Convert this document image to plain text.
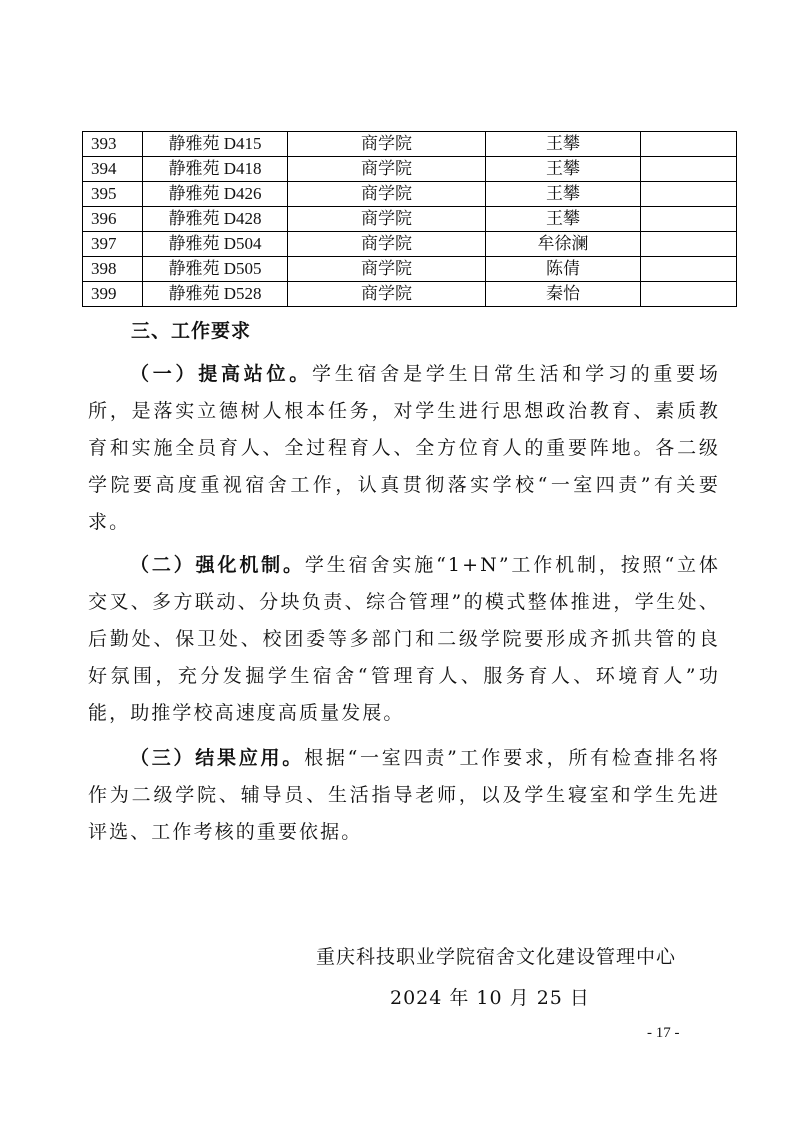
393	静雅苑 D415	商学院	王攀	
394	静雅苑 D418	商学院	王攀	
395	静雅苑 D426	商学院	王攀	
396	静雅苑 D428	商学院	王攀	
397	静雅苑 D504	商学院	牟徐澜	
398	静雅苑 D505	商学院	陈倩	
399	静雅苑 D528	商学院	秦怡	
三、工作要求

（一）提高站位。学生宿舍是学生日常生活和学习的重要场所，是落实立德树人根本任务，对学生进行思想政治教育、素质教育和实施全员育人、全过程育人、全方位育人的重要阵地。各二级学院要高度重视宿舍工作，认真贯彻落实学校“一室四责”有关要求。

（二）强化机制。学生宿舍实施“1+N”工作机制，按照“立体交叉、多方联动、分块负责、综合管理”的模式整体推进，学生处、后勤处、保卫处、校团委等多部门和二级学院要形成齐抓共管的良好氛围，充分发掘学生宿舍“管理育人、服务育人、环境育人”功能，助推学校高速度高质量发展。

（三）结果应用。根据“一室四责”工作要求，所有检查排名将作为二级学院、辅导员、生活指导老师，以及学生寝室和学生先进评选、工作考核的重要依据。

重庆科技职业学院宿舍文化建设管理中心
2024 年 10 月 25 日
- 17 -
